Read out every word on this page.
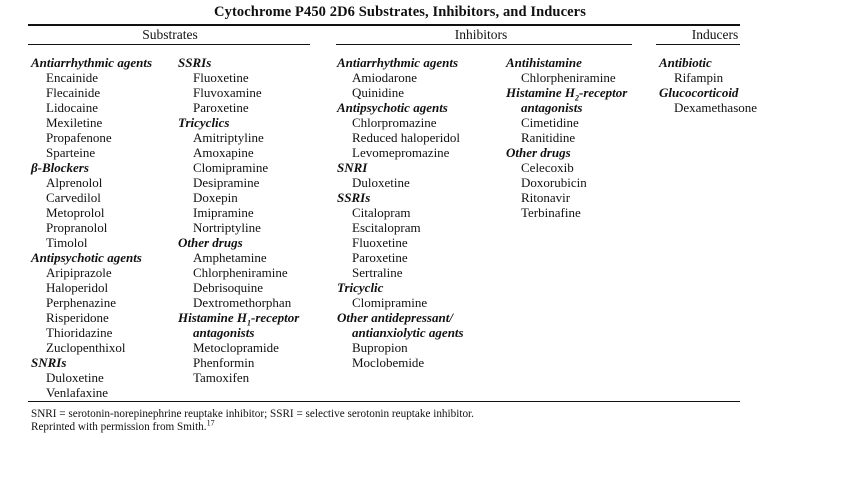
Cytochrome P450 2D6 Substrates, Inhibitors, and Inducers
Substrates	Inhibitors	Inducers
Antiarrhythmic agents
Encainide
Flecainide
Lidocaine
Mexiletine
Propafenone
Sparteine
β-Blockers
Alprenolol
Carvedilol
Metoprolol
Propranolol
Timolol
Antipsychotic agents
Aripiprazole
Haloperidol
Perphenazine
Risperidone
Thioridazine
Zuclopenthixol
SNRIs
Duloxetine
Venlafaxine
SSRIs
Fluoxetine
Fluvoxamine
Paroxetine
Tricyclics
Amitriptyline
Amoxapine
Clomipramine
Desipramine
Doxepin
Imipramine
Nortriptyline
Other drugs
Amphetamine
Chlorpheniramine
Debrisoquine
Dextromethorphan
Histamine $H_1$-receptor
antagonists
Metoclopramide
Phenformin
Tamoxifen
Antiarrhythmic agents
Amiodarone
Quinidine
Antipsychotic agents
Chlorpromazine
Reduced haloperidol
Levomepromazine
SNRI
Duloxetine
SSRIs
Citalopram
Escitalopram
Fluoxetine
Paroxetine
Sertraline
Tricyclic
Clomipramine
Other antidepressant/
antianxiolytic agents
Bupropion
Moclobemide
Antihistamine
Chlorpheniramine
Histamine $H_2$-receptor
antagonists
Cimetidine
Ranitidine
Other drugs
Celecoxib
Doxorubicin
Ritonavir
Terbinafine
Antibiotic
Rifampin
Glucocorticoid
Dexamethasone
SNRI = serotonin-norepinephrine reuptake inhibitor; SSRI = selective serotonin reuptake inhibitor.
Reprinted with permission from Smith.$^{17}$
